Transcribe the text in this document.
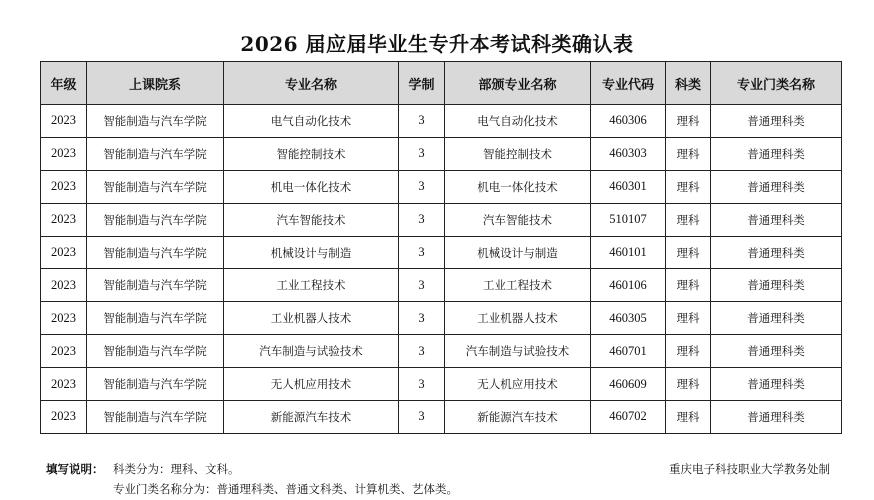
2026 届应届毕业生专升本考试科类确认表
年级	上课院系	专业名称	学制	部颁专业名称	专业代码	科类	专业门类名称
2023	智能制造与汽车学院	电气自动化技术	3	电气自动化技术	460306	理科	普通理科类
2023	智能制造与汽车学院	智能控制技术	3	智能控制技术	460303	理科	普通理科类
2023	智能制造与汽车学院	机电一体化技术	3	机电一体化技术	460301	理科	普通理科类
2023	智能制造与汽车学院	汽车智能技术	3	汽车智能技术	510107	理科	普通理科类
2023	智能制造与汽车学院	机械设计与制造	3	机械设计与制造	460101	理科	普通理科类
2023	智能制造与汽车学院	工业工程技术	3	工业工程技术	460106	理科	普通理科类
2023	智能制造与汽车学院	工业机器人技术	3	工业机器人技术	460305	理科	普通理科类
2023	智能制造与汽车学院	汽车制造与试验技术	3	汽车制造与试验技术	460701	理科	普通理科类
2023	智能制造与汽车学院	无人机应用技术	3	无人机应用技术	460609	理科	普通理科类
2023	智能制造与汽车学院	新能源汽车技术	3	新能源汽车技术	460702	理科	普通理科类
填写说明： 科类分为：理科、文科。
专业门类名称分为：普通理科类、普通文科类、计算机类、艺体类。
重庆电子科技职业大学教务处制
